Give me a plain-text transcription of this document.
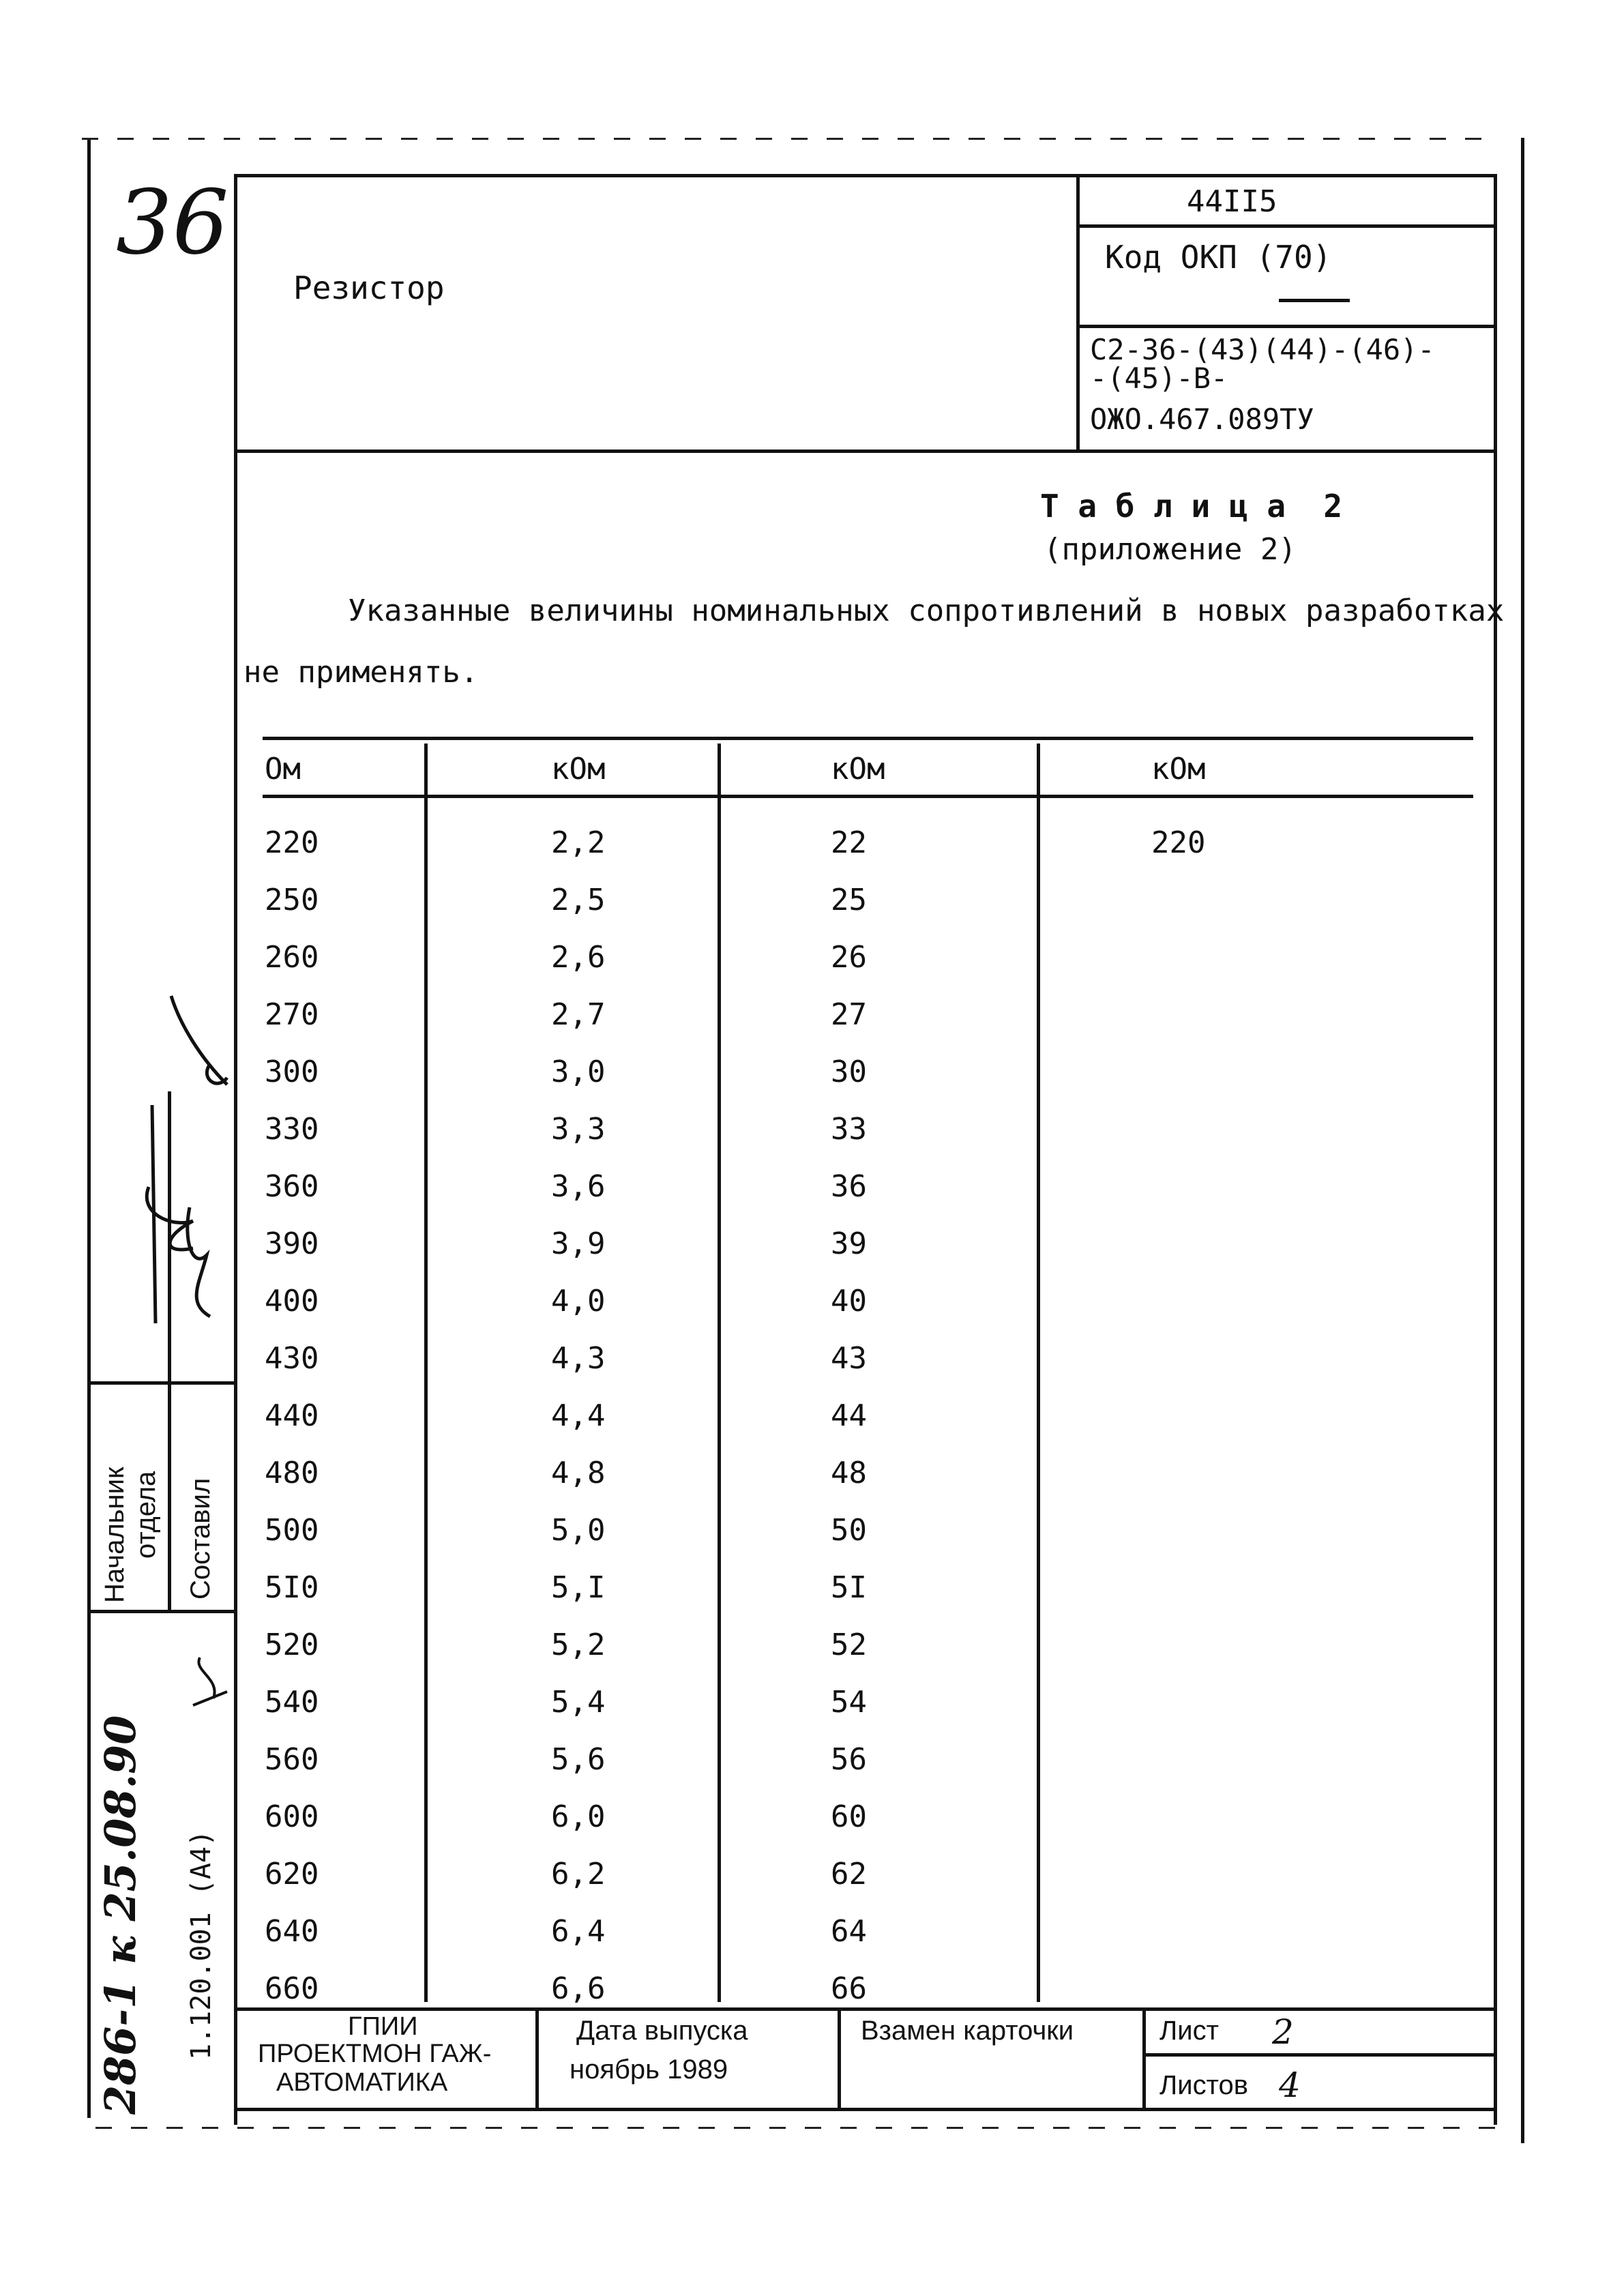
36
Резистор
44II5
Код ОКП (70)
С2-36-(43)(44)-(46)-
-(45)-В-
ОЖО.467.089ТУ
Т а б л и ц а  2
(приложение 2)
Указанные величины номинальных сопротивлений в новых разработках
не применять.
Ом	кОм	кОм	кОм
220	2,2	22	220
250	2,5	25
260	2,6	26
270	2,7	27
300	3,0	30
330	3,3	33
360	3,6	36
390	3,9	39
400	4,0	40
430	4,3	43
440	4,4	44
480	4,8	48
500	5,0	50
5I0	5,I	5I
520	5,2	52
540	5,4	54
560	5,6	56
600	6,0	60
620	6,2	62
640	6,4	64
660	6,6	66
ГПИИ
ПРОЕКТМОН ГАЖ-
АВТОМАТИКА
Дата выпуска
ноябрь 1989
Взамен карточки	Лист 2
Листов 4
Начальник отдела Составил
286-1 к 25.08.90 1.120.001 (А4)
